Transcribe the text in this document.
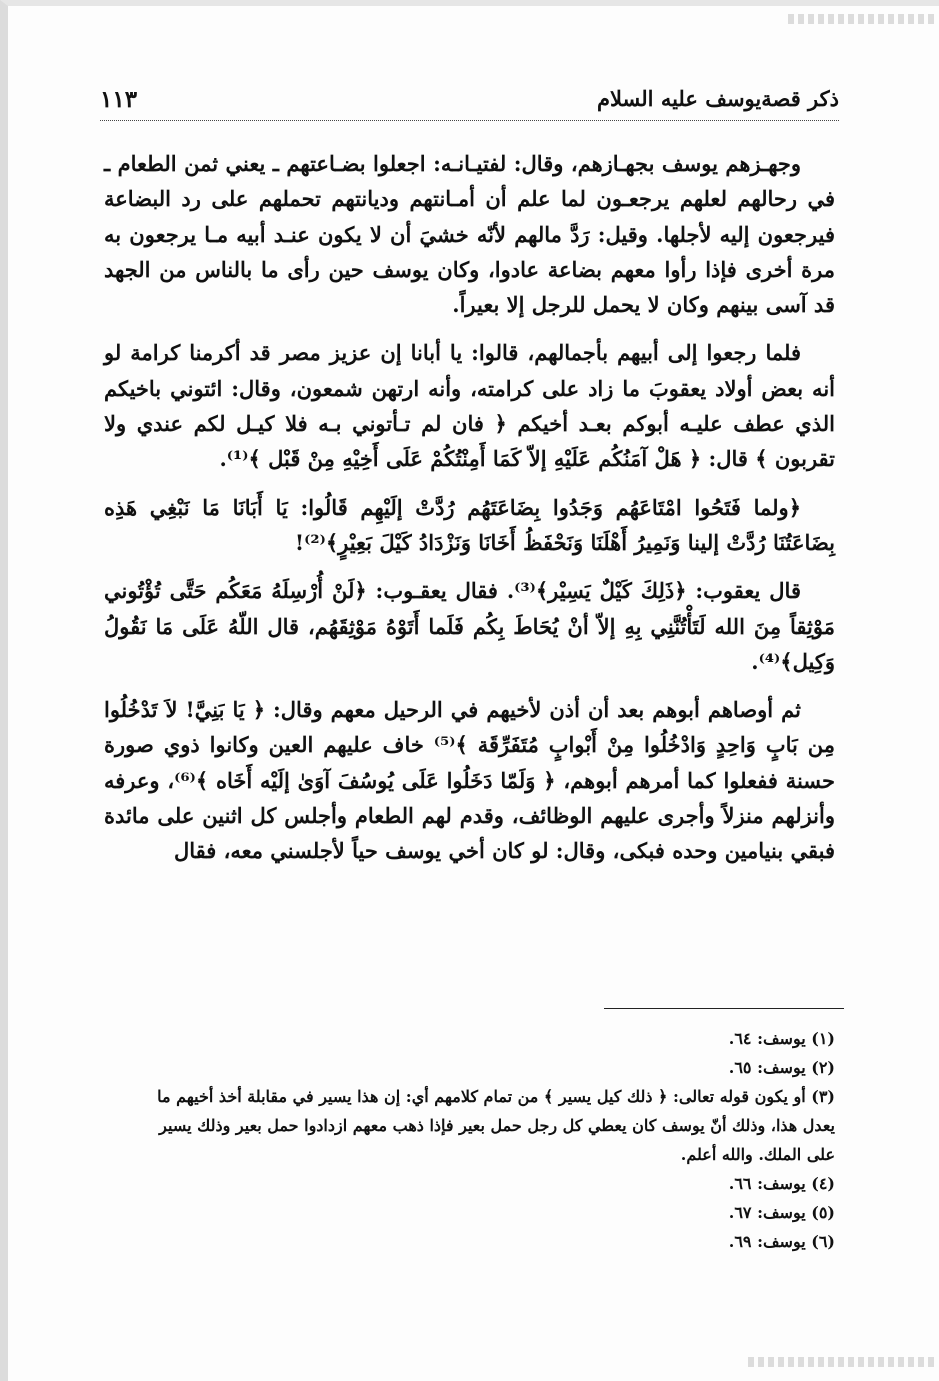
ذكر قصةيوسف عليه السلام
١١٣

وجهـزهم يوسف بجهـازهم، وقال: لفتيـانـه: اجعلوا بضـاعتهم ـ يعني ثمن الطعام ـ في رحالهم لعلهم يرجعـون لما علم أن أمـانتهم وديانتهم تحملهم على رد البضاعة فيرجعون إليه لأجلها. وقيل: رَدَّ مالهم لأنّه خشيَ أن لا يكون عنـد أبيه مـا يرجعون به مرة أخرى فإذا رأوا معهم بضاعة عادوا، وكان يوسف حين رأى ما بالناس من الجهد قد آسى بينهم وكان لا يحمل للرجل إلا بعيراً.

فلما رجعوا إلى أبيهم بأجمالهم، قالوا: يا أبانا إن عزيز مصر قد أكرمنا كرامة لو أنه بعض أولاد يعقوبَ ما زاد على كرامته، وأنه ارتهن شمعون، وقال: ائتوني باخيكم الذي عطف عليـه أبوكم بعـد أخيكم ﴿ فان لم تـأتوني بـه فلا كيـل لكم عندي ولا تقربون ﴾ قال: ﴿ هَلْ آمَنُكُم عَلَيْهِ إلاّ كَمَا أَمِنْتُكُمْ عَلَى أَخِيْهِ مِنْ قَبْل ﴾⁽¹⁾.

﴿ولما فَتَحُوا امْتَاعَهُم وَجَدُوا بِضَاعَتَهُم رُدَّتْ إلَيْهِم قَالُوا: يَا أَبَانَا مَا نَبْغِي هَذِه بِضَاعَتُنَا رُدَّتْ إلينا وَنَمِيرُ أَهْلَنَا وَنَحْفَظُ أَخَانَا وَنَزْدَادُ كَيْلَ بَعِيْرٍ﴾⁽²⁾!

قال يعقوب: ﴿ذَلِكَ كَيْلٌ يَسِيْر﴾⁽³⁾. فقال يعقـوب: ﴿لَنْ أُرْسِلَهُ مَعَكُم حَتَّى تُؤْتُوني مَوْثِقاً مِنَ الله لَتَأْتُنَّنِي بِهِ إلاّ أنْ يُحَاطَ بِكُم فَلَما أَتَوْهُ مَوْثِقَهُم، قال اللّهُ عَلَى مَا نَقُولُ وَكِيل﴾⁽⁴⁾.

ثم أوصاهم أبوهم بعد أن أذن لأخيهم في الرحيل معهم وقال: ﴿ يَا بَنِيَّ! لاَ تَدْخُلُوا مِن بَابٍ وَاحِدٍ وَادْخُلُوا مِنْ أَبْوابٍ مُتَفَرِّقَة ﴾⁽⁵⁾ خاف عليهم العين وكانوا ذوي صورة حسنة ففعلوا كما أمرهم أبوهم، ﴿ وَلَمّا دَخَلُوا عَلَى يُوسُفَ آوَىٰ إلَيْه أَخَاه ﴾⁽⁶⁾، وعرفه وأنزلهم منزلاً وأجرى عليهم الوظائف، وقدم لهم الطعام وأجلس كل اثنين على مائدة فبقي بنيامين وحده فبكى، وقال: لو كان أخي يوسف حياً لأجلسني معه، فقال

(١) يوسف: ٦٤.

(٢) يوسف: ٦٥.

(٣) أو يكون قوله تعالى: ﴿ ذلك كيل يسير ﴾ من تمام كلامهم أي: إن هذا يسير في مقابلة أخذ أخيهم ما

يعدل هذا، وذلك أنّ يوسف كان يعطي كل رجل حمل بعير فإذا ذهب معهم ازدادوا حمل بعير وذلك يسير

على الملك. والله أعلم.

(٤) يوسف: ٦٦.

(٥) يوسف: ٦٧.

(٦) يوسف: ٦٩.
